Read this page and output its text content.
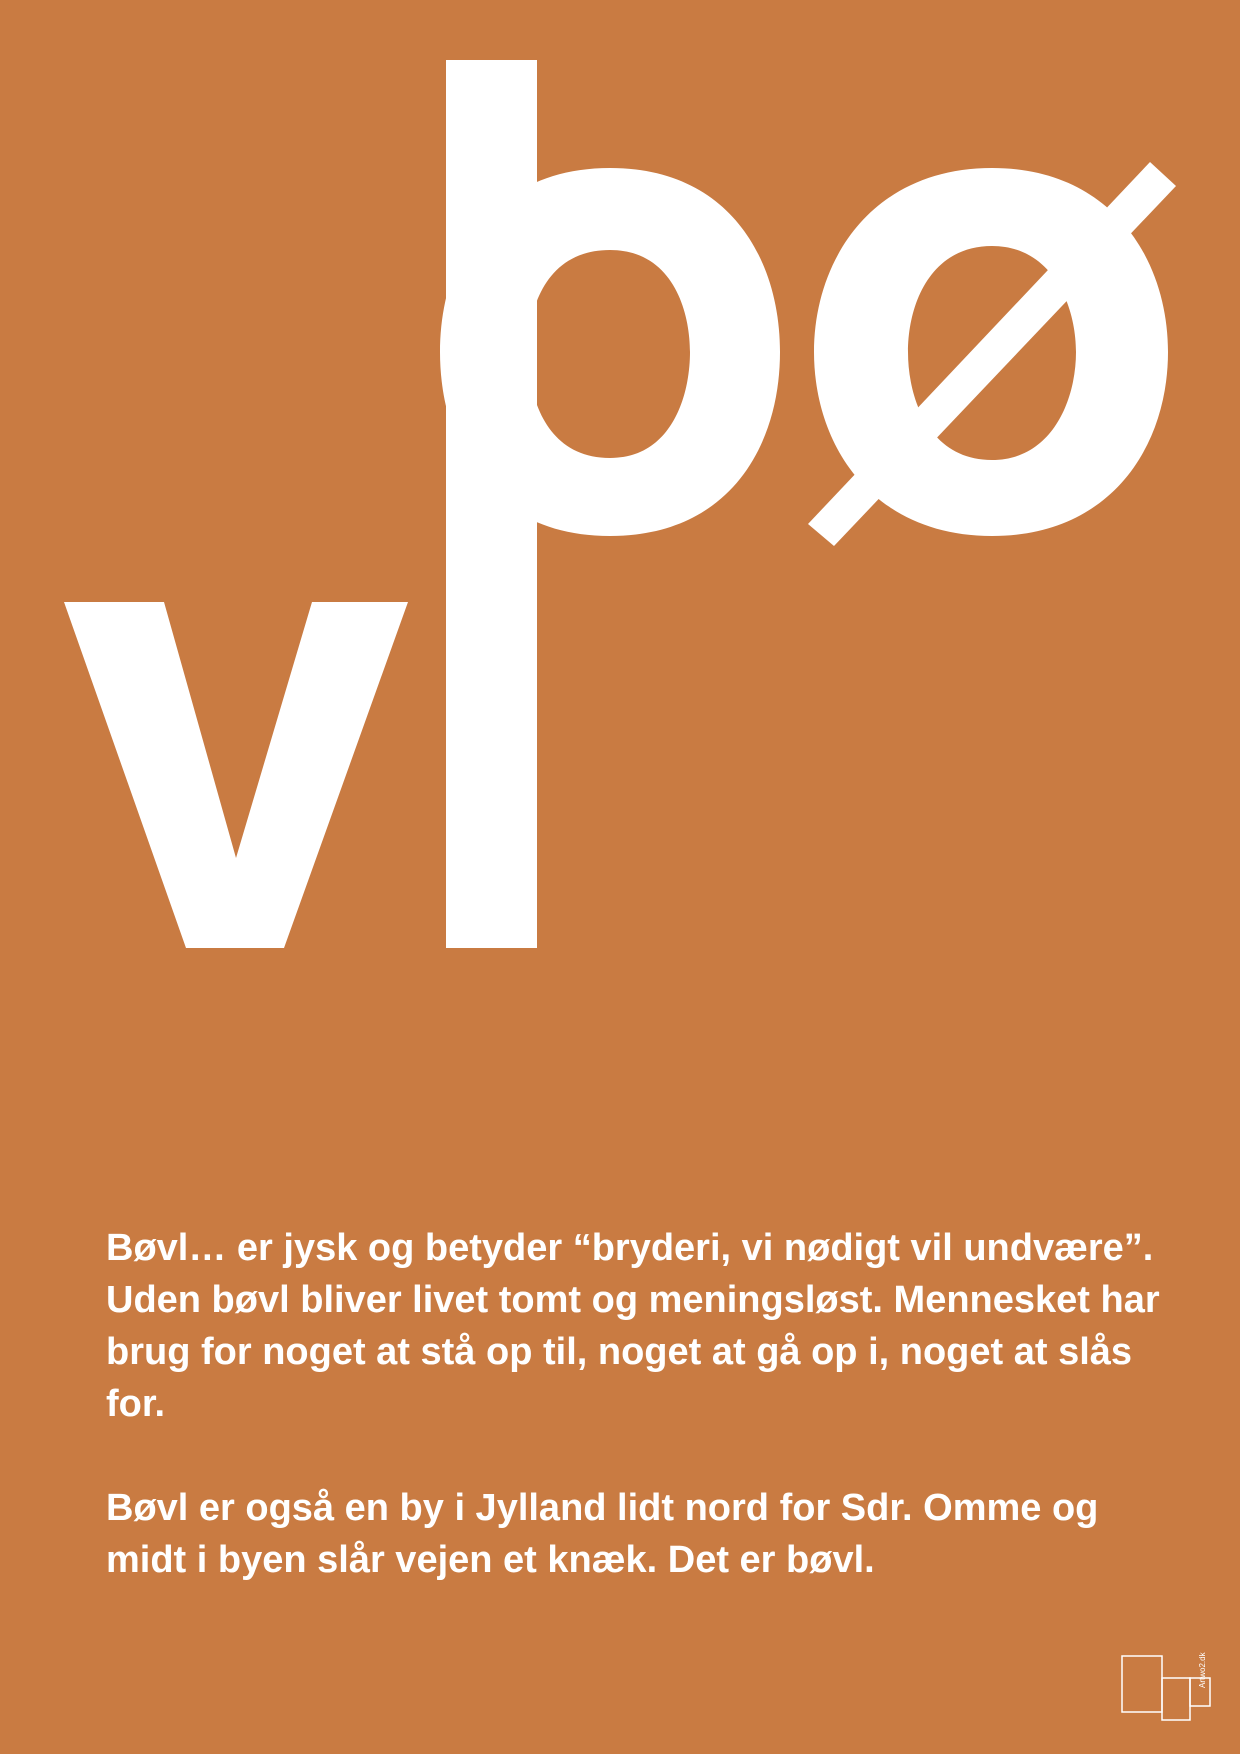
Bøvl… er jysk og betyder “bryderi, vi nødigt vil undvære”. Uden bøvl bliver livet tomt og meningsløst. Mennesket har brug for noget at stå op til, noget at gå op i, noget at slås for.

Bøvl er også en by i Jylland lidt nord for Sdr. Omme og midt i byen slår vejen et knæk. Det er bøvl.

Artwo2.dk
